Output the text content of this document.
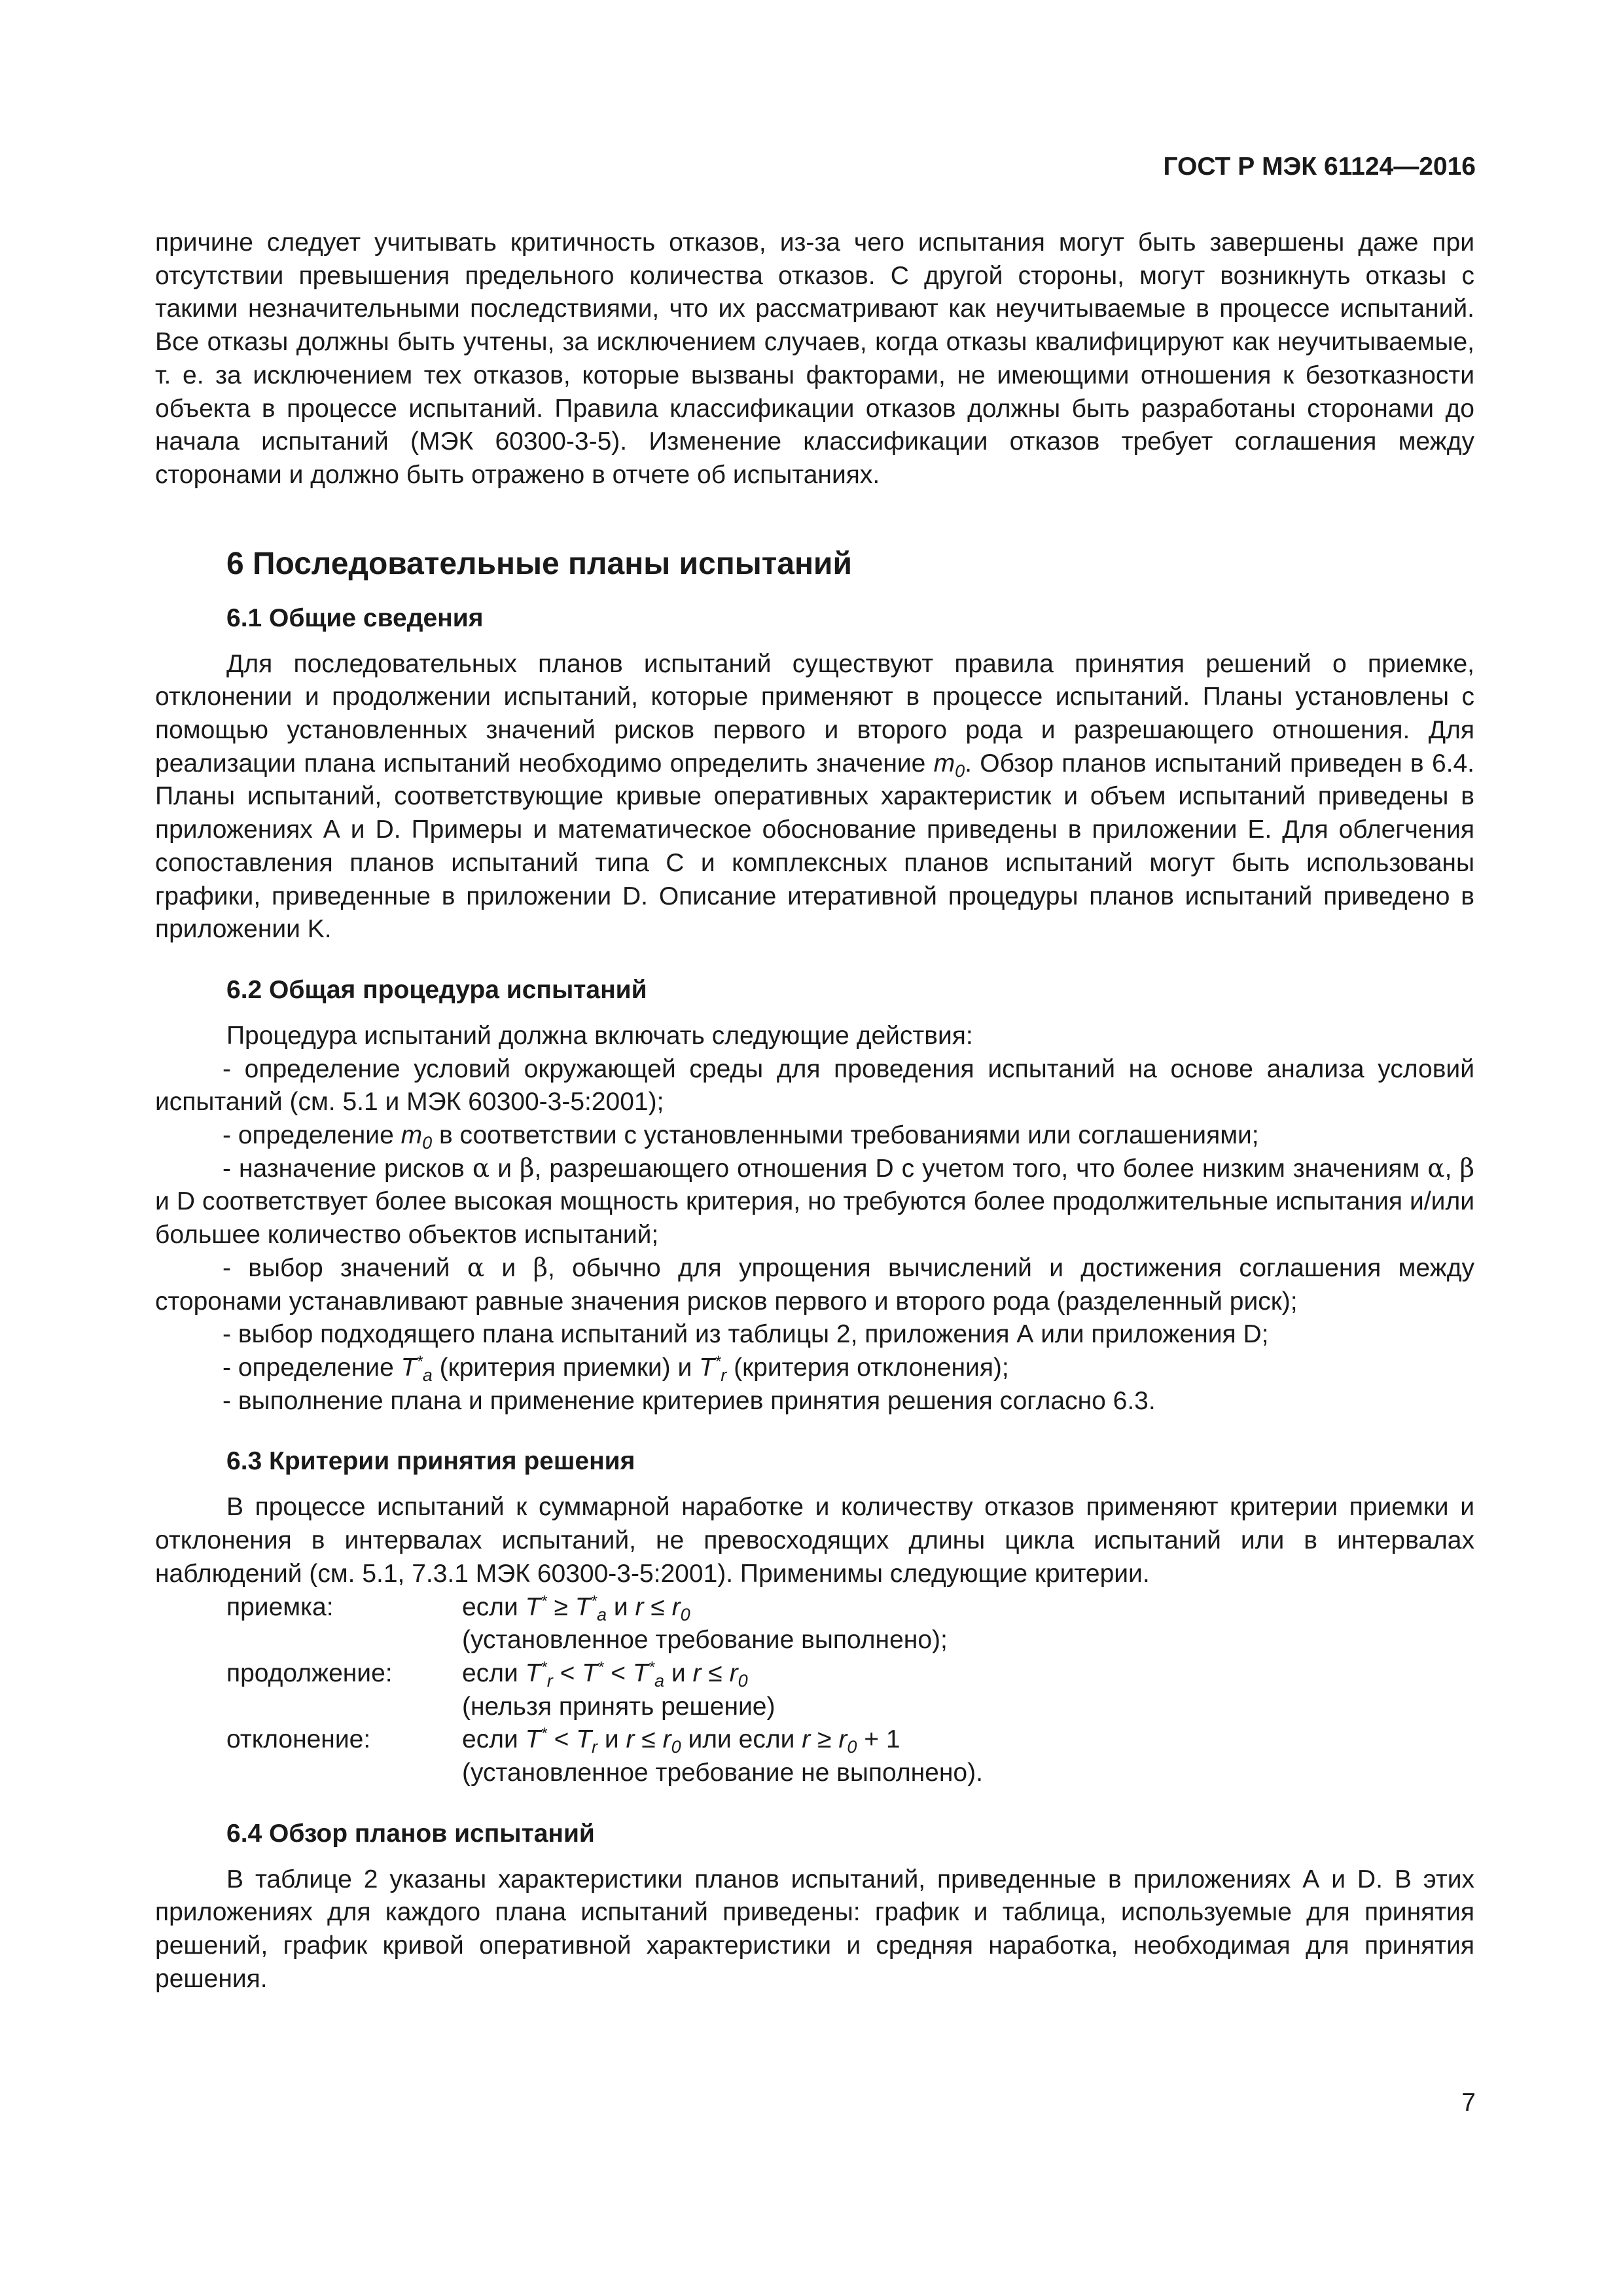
ГОСТ Р МЭК 61124—2016

причине следует учитывать критичность отказов, из-за чего испытания могут быть завершены даже при отсутствии превышения предельного количества отказов. С другой стороны, могут возникнуть отказы с такими незначительными последствиями, что их рассматривают как неучитываемые в процессе испытаний. Все отказы должны быть учтены, за исключением случаев, когда отказы квалифицируют как неучитываемые, т. е. за исключением тех отказов, которые вызваны факторами, не имеющими отношения к безотказности объекта в процессе испытаний. Правила классификации отказов должны быть разработаны сторонами до начала испытаний (МЭК 60300-3-5). Изменение классификации отказов требует соглашения между сторонами и должно быть отражено в отчете об испытаниях.

6 Последовательные планы испытаний
6.1 Общие сведения

Для последовательных планов испытаний существуют правила принятия решений о приемке, отклонении и продолжении испытаний, которые применяют в процессе испытаний. Планы установлены с помощью установленных значений рисков первого и второго рода и разрешающего отношения. Для реализации плана испытаний необходимо определить значение $m_0$. Обзор планов испытаний приведен в 6.4. Планы испытаний, соответствующие кривые оперативных характеристик и объем испытаний приведены в приложениях А и D. Примеры и математическое обоснование приведены в приложении Е. Для облегчения сопоставления планов испытаний типа С и комплексных планов испытаний могут быть использованы графики, приведенные в приложении D. Описание итеративной процедуры планов испытаний приведено в приложении K.

6.2 Общая процедура испытаний

Процедура испытаний должна включать следующие действия:

- определение условий окружающей среды для проведения испытаний на основе анализа условий испытаний (см. 5.1 и МЭК 60300-3-5:2001);

- определение $m_0$ в соответствии с установленными требованиями или соглашениями;

- назначение рисков α и β, разрешающего отношения D с учетом того, что более низким значениям α, β и D соответствует более высокая мощность критерия, но требуются более продолжительные испытания и/или большее количество объектов испытаний;

- выбор значений α и β, обычно для упрощения вычислений и достижения соглашения между сторонами устанавливают равные значения рисков первого и второго рода (разделенный риск);

- выбор подходящего плана испытаний из таблицы 2, приложения А или приложения D;

- определение $T^*_a$ (критерия приемки) и $T^*_r$ (критерия отклонения);

- выполнение плана и применение критериев принятия решения согласно 6.3.

6.3 Критерии принятия решения

В процессе испытаний к суммарной наработке и количеству отказов применяют критерии приемки и отклонения в интервалах испытаний, не превосходящих длины цикла испытаний или в интервалах наблюдений (см. 5.1, 7.3.1 МЭК 60300-3-5:2001). Применимы следующие критерии.

приемка:	если $T^* \ge T^*_a$ и $r \le r_0$
(установленное требование выполнено);
продолжение:	если $T^*_r < T^* < T^*_a$ и $r \le r_0$
(нельзя принять решение)
отклонение:	если $T^* < T_r$ и $r \le r_0$ или если $r \ge r_0 + 1$
(установленное требование не выполнено).
6.4 Обзор планов испытаний

В таблице 2 указаны характеристики планов испытаний, приведенные в приложениях А и D. В этих приложениях для каждого плана испытаний приведены: график и таблица, используемые для принятия решений, график кривой оперативной характеристики и средняя наработка, необходимая для принятия решения.

7
